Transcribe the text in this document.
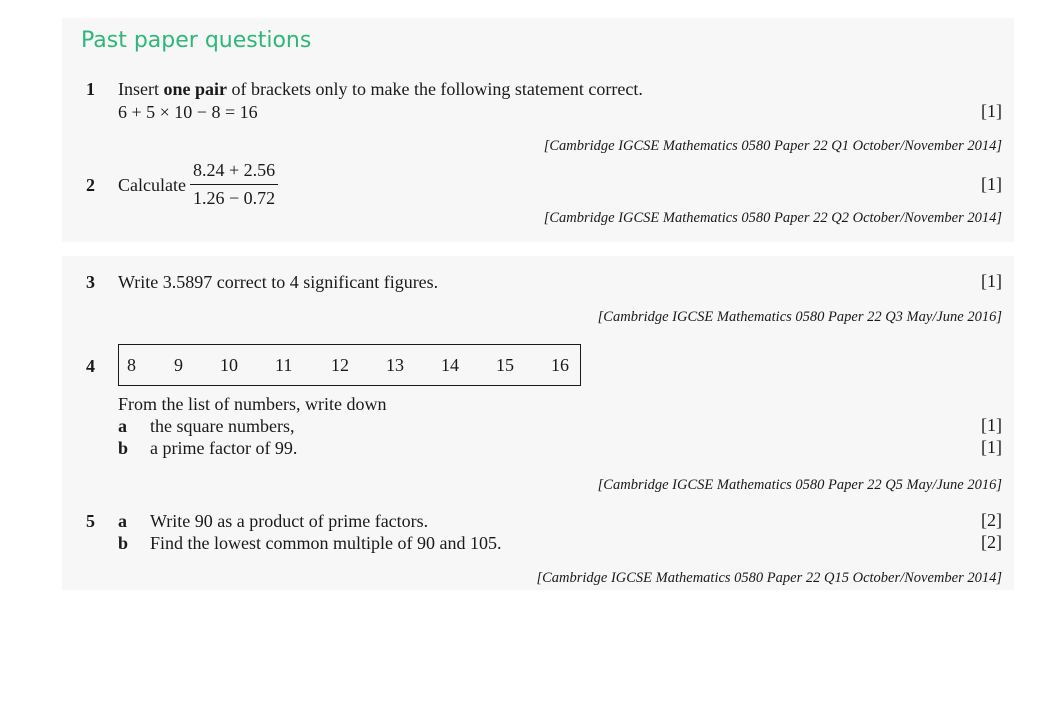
Past paper questions
1 Insert one pair of brackets only to make the following statement correct.
6 + 5 × 10 − 8 = 16	[1]
[Cambridge IGCSE Mathematics 0580 Paper 22 Q1 October/November 2014]
2 Calculate $\frac{8.24 + 2.56}{1.26 - 0.72}$	[1]
[Cambridge IGCSE Mathematics 0580 Paper 22 Q2 October/November 2014]
3 Write 3.5897 correct to 4 significant figures.	[1]
[Cambridge IGCSE Mathematics 0580 Paper 22 Q3 May/June 2016]
4 8 9 10 11 12 13 14 15 16
From the list of numbers, write down
a the square numbers,	[1]
b a prime factor of 99.	[1]
[Cambridge IGCSE Mathematics 0580 Paper 22 Q5 May/June 2016]
5 a Write 90 as a product of prime factors.	[2]
b Find the lowest common multiple of 90 and 105.	[2]
[Cambridge IGCSE Mathematics 0580 Paper 22 Q15 October/November 2014]
